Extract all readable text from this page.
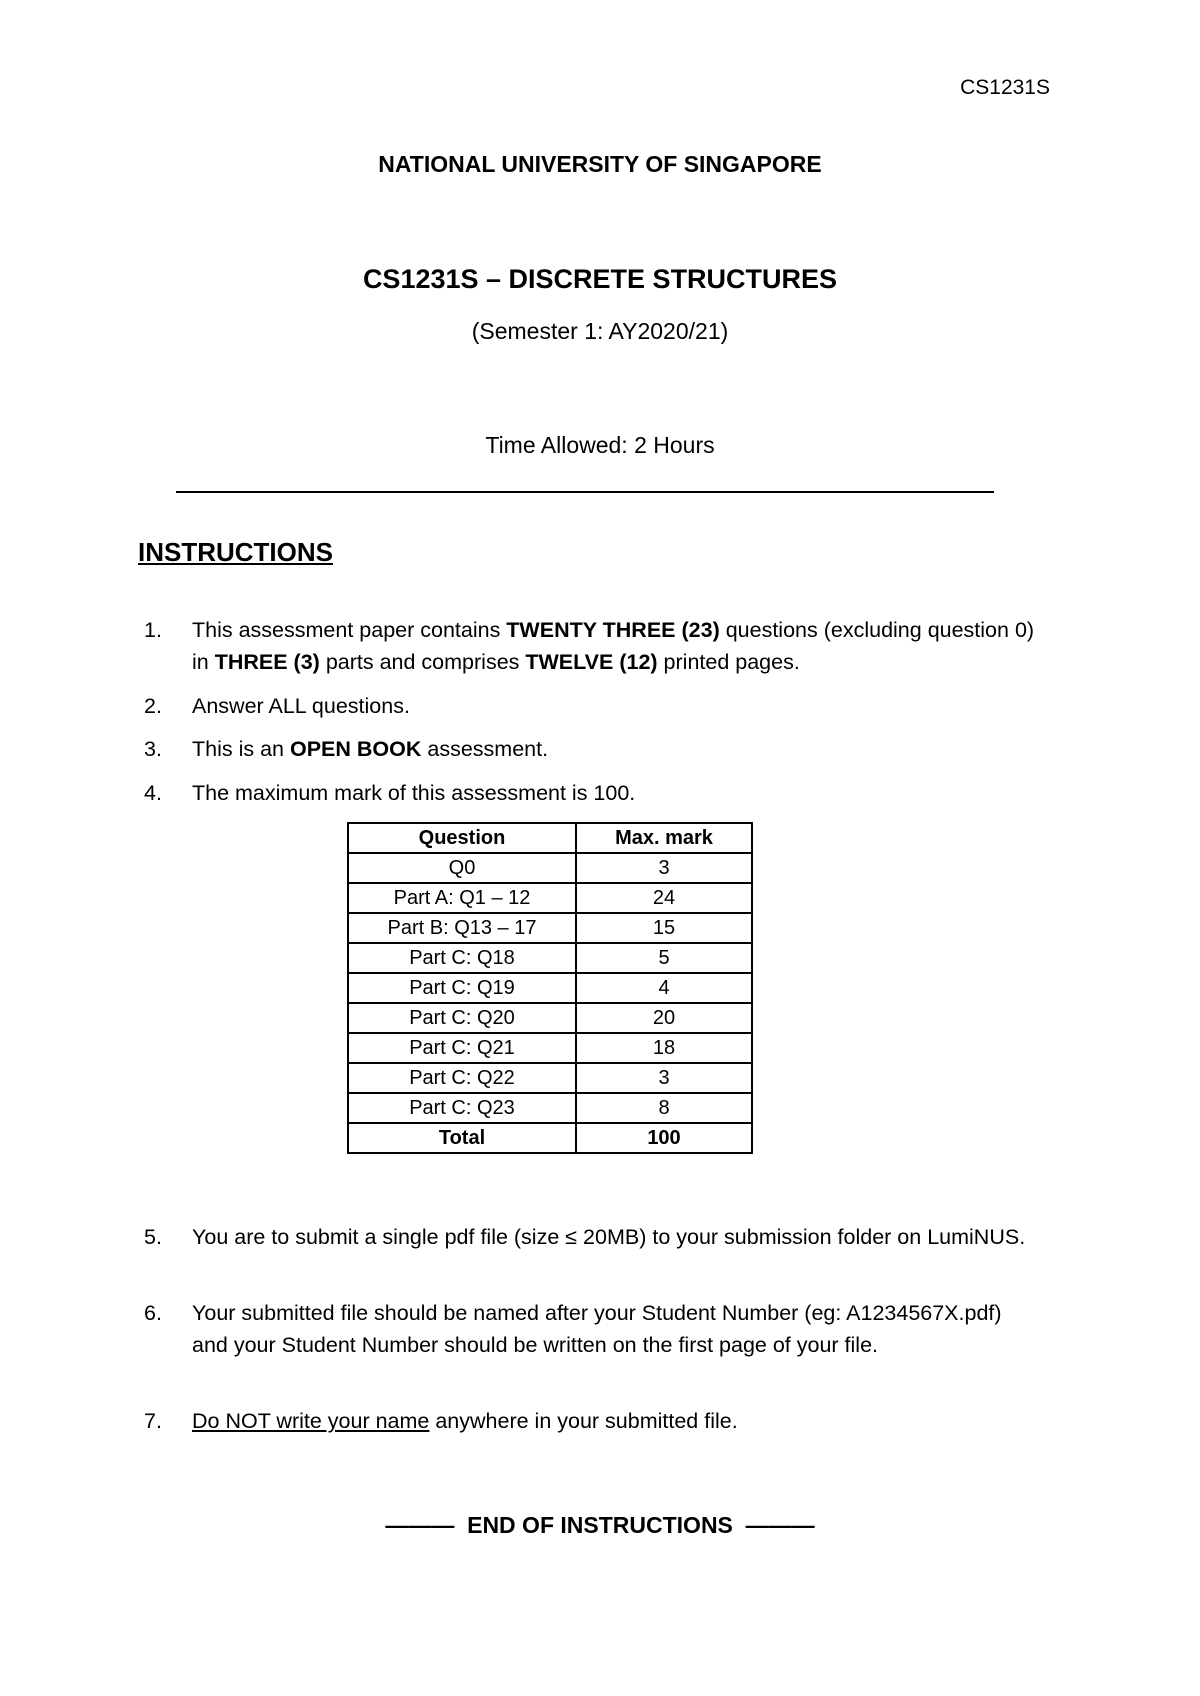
CS1231S
NATIONAL UNIVERSITY OF SINGAPORE
CS1231S – DISCRETE STRUCTURES
(Semester 1: AY2020/21)
Time Allowed: 2 Hours
INSTRUCTIONS
1.	This assessment paper contains TWENTY THREE (23) questions (excluding question 0) in THREE (3) parts and comprises TWELVE (12) printed pages.
2.	Answer ALL questions.
3.	This is an OPEN BOOK assessment.
4.	The maximum mark of this assessment is 100.
Question	Max. mark
Q0	3
Part A: Q1 – 12	24
Part B: Q13 – 17	15
Part C: Q18	5
Part C: Q19	4
Part C: Q20	20
Part C: Q21	18
Part C: Q22	3
Part C: Q23	8
Total	100
5.	You are to submit a single pdf file (size ≤ 20MB) to your submission folder on LumiNUS.
6.	Your submitted file should be named after your Student Number (eg: A1234567X.pdf) and your Student Number should be written on the first page of your file.
7.	Do NOT write your name anywhere in your submitted file.
———  END OF INSTRUCTIONS  ———
